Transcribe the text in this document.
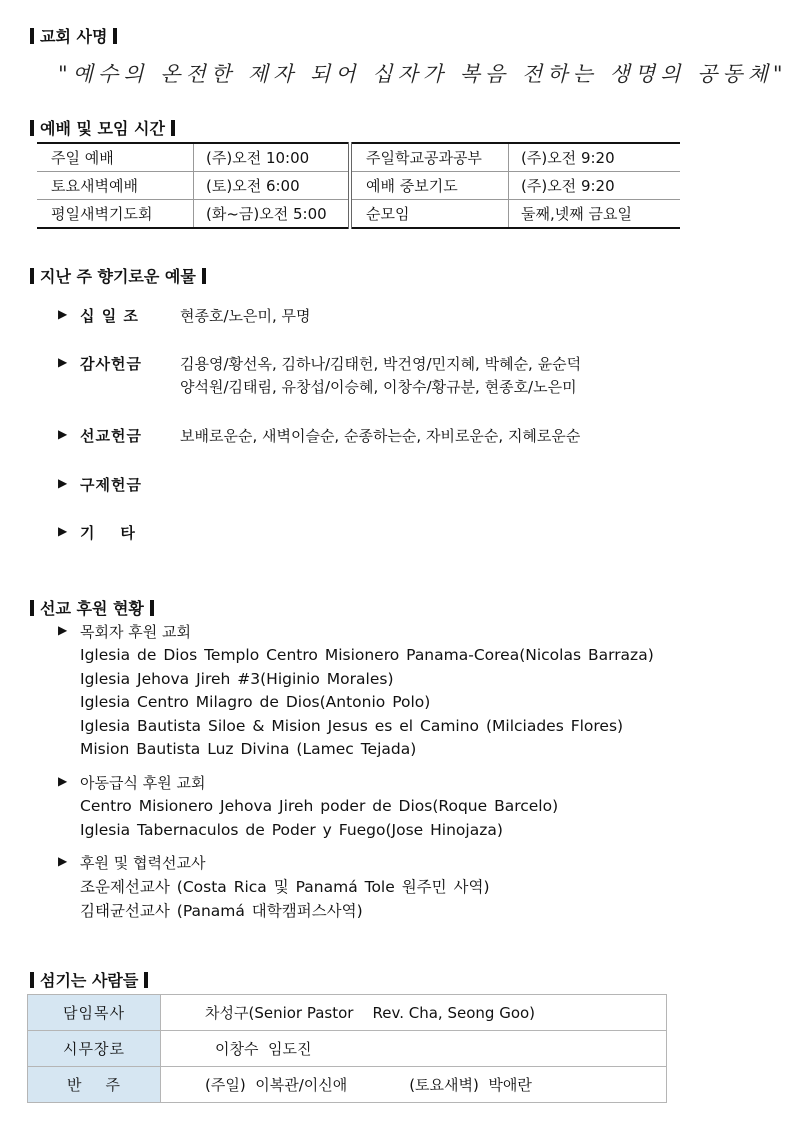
교회 사명
"예수의 온전한 제자 되어 십자가 복음 전하는 생명의 공동체"
예배 및 모임 시간
주일 예배	(주)오전 10:00	주일학교공과공부	(주)오전 9:20
토요새벽예배	(토)오전 6:00	예배 중보기도	(주)오전 9:20
평일새벽기도회	(화~금)오전 5:00	순모임	둘째,넷째 금요일
지난 주 향기로운 예물
▶ 십 일 조	현종호/노은미, 무명
▶ 감사헌금	김용영/황선옥, 김하나/김태헌, 박건영/민지혜, 박혜순, 윤순덕
양석원/김태림, 유창섭/이승혜, 이창수/황규분, 현종호/노은미
▶ 선교헌금	보배로운순, 새벽이슬순, 순종하는순, 자비로운순, 지혜로운순
▶ 구제헌금
▶ 기    타
선교 후원 현황
▶ 목회자 후원 교회
Iglesia de Dios Templo Centro Misionero Panama-Corea(Nicolas Barraza)
Iglesia Jehova Jireh #3(Higinio Morales)
Iglesia Centro Milagro de Dios(Antonio Polo)
Iglesia Bautista Siloe & Mision Jesus es el Camino (Milciades Flores)
Mision Bautista Luz Divina (Lamec Tejada)
▶ 아동급식 후원 교회
Centro Misionero Jehova Jireh poder de Dios(Roque Barcelo)
Iglesia Tabernaculos de Poder y Fuego(Jose Hinojaza)
▶ 후원 및 협력선교사
조운제선교사 (Costa Rica 및 Panamá Tole 원주민 사역)
김태균선교사 (Panamá 대학캠퍼스사역)
섬기는 사람들
담임목사	차성구(Senior Pastor    Rev. Cha, Seong Goo)
시무장로	이창수  임도진
반    주	(주일)  이복관/이신애             (토요새벽)  박애란
